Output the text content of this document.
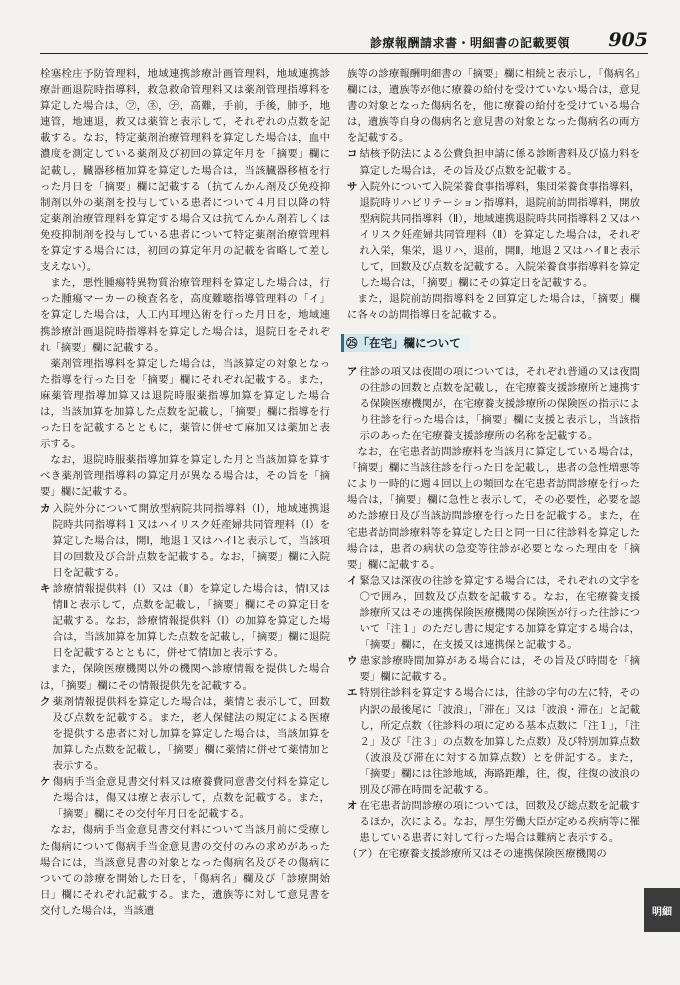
診療報酬請求書・明細書の記載要領 905

栓塞栓庄予防管理料，地域連携診療計画管理料，地域連携診療計画退院時指導料，救急救命管理料又は薬剤管理指導料を算定した場合は，㋫，㋧，㋤，高難，手前，手後，肺予，地連管，地連退，救又は薬管と表示して，それぞれの点数を記載する。なお，特定薬剤治療管理料を算定した場合は，血中濃度を測定している薬剤及び初回の算定年月を「摘要」欄に記載し，臓器移植加算を算定した場合は，当該臓器移植を行った月日を「摘要」欄に記載する（抗てんかん剤及び免疫抑制剤以外の薬剤を投与している患者について４月目以降の特定薬剤治療管理料を算定する場合又は抗てんかん剤若しくは免疫抑制剤を投与している患者について特定薬剤治療管理料を算定する場合には，初回の算定年月の記載を省略して差し支えない）。

また，悪性腫瘍特異物質治療管理料を算定した場合は，行った腫瘍マーカーの検査名を，高度難聴指導管理料の「イ」を算定した場合は，人工内耳埋込術を行った月日を，地域連携診療計画退院時指導料を算定した場合は，退院日をそれぞれ「摘要」欄に記載する。

薬剤管理指導料を算定した場合は，当該算定の対象となった指導を行った日を「摘要」欄にそれぞれ記載する。また，麻薬管理指導加算又は退院時服薬指導加算を算定した場合は，当該加算を加算した点数を記載し，「摘要」欄に指導を行った日を記載するとともに，薬管に併せて麻加又は薬加と表示する。

なお，退院時服薬指導加算を算定した月と当該加算を算すべき薬剤管理指導料の算定月が異なる場合は，その旨を「摘要」欄に記載する。

カ 入院外分について開放型病院共同指導料（Ⅰ），地域連携退院時共同指導料１又はハイリスク妊産婦共同管理料（Ⅰ）を算定した場合は，開Ⅰ，地退１又はハイⅠと表示して，当該項目の回数及び合計点数を記載する。なお，「摘要」欄に入院日を記載する。

キ 診療情報提供料（Ⅰ）又は（Ⅱ）を算定した場合は，情Ⅰ又は情Ⅱと表示して，点数を記載し，「摘要」欄にその算定日を記載する。なお，診療情報提供料（Ⅰ）の加算を算定した場合は，当該加算を加算した点数を記載し，「摘要」欄に退院日を記載するとともに，併せて情Ⅰ加と表示する。

また，保険医療機関以外の機関へ診療情報を提供した場合は，「摘要」欄にその情報提供先を記載する。

ク 薬剤情報提供料を算定した場合は，薬情と表示して，回数及び点数を記載する。また，老人保健法の規定による医療を提供する患者に対し加算を算定した場合は，当該加算を加算した点数を記載し，「摘要」欄に薬情に併せて薬情加と表示する。

ケ 傷病手当金意見書交付料又は療養費同意書交付料を算定した場合は，傷又は療と表示して，点数を記載する。また，「摘要」欄にその交付年月日を記載する。

なお，傷病手当金意見書交付料について当該月前に受療した傷病について傷病手当金意見書の交付のみの求めがあった場合には，当該意見書の対象となった傷病名及びその傷病についての診療を開始した日を，「傷病名」欄及び「診療開始日」欄にそれぞれ記載する。また，遺族等に対して意見書を交付した場合は，当該遺

族等の診療報酬明細書の「摘要」欄に相続と表示し，「傷病名」欄には，遺族等が他に療養の給付を受けていない場合は，意見書の対象となった傷病名を，他に療養の給付を受けている場合は，遺族等自身の傷病名と意見書の対象となった傷病名の両方を記載する。

コ 結核予防法による公費負担申請に係る診断書料及び協力料を算定した場合は，その旨及び点数を記載する。

サ 入院外について入院栄養食事指導料，集団栄養食事指導料，退院時リハビリテーション指導料，退院前訪問指導料，開放型病院共同指導料（Ⅱ），地域連携退院時共同指導料２又はハイリスク妊産婦共同管理料（Ⅱ）を算定した場合は，それぞれ入栄，集栄，退リハ，退前，開Ⅱ，地退２又はハイⅡと表示して，回数及び点数を記載する。入院栄養食事指導料を算定した場合は，「摘要」欄にその算定日を記載する。

また，退院前訪問指導料を２回算定した場合は，「摘要」欄に各々の訪問指導日を記載する。

㉕「在宅」欄について

ア 往診の項又は夜間の項については，それぞれ普通の又は夜間の往診の回数と点数を記載し，在宅療養支援診療所と連携する保険医療機関が，在宅療養支援診療所の保険医の指示により往診を行った場合は，「摘要」欄に支援と表示し，当該指示のあった在宅療養支援診療所の名称を記載する。

なお，在宅患者訪問診療料を当該月に算定している場合は，「摘要」欄に当該往診を行った日を記載し，患者の急性増悪等により一時的に週４回以上の頻回な在宅患者訪問診療を行った場合は，「摘要」欄に急性と表示して，その必要性，必要を認めた診療日及び当該訪問診療を行った日を記載する。また，在宅患者訪問診療料等を算定した日と同一日に往診料を算定した場合は，患者の病状の急変等往診が必要となった理由を「摘要」欄に記載する。

イ 緊急又は深夜の往診を算定する場合には，それぞれの文字を〇で囲み，回数及び点数を記載する。なお，在宅療養支援診療所又はその連携保険医療機関の保険医が行った往診について「注１」のただし書に規定する加算を算定する場合は，「摘要」欄に，在支援又は連携保と記載する。

ウ 患家診療時間加算がある場合には，その旨及び時間を「摘要」欄に記載する。

エ 特別往診料を算定する場合には，往診の字句の左に特，その内訳の最後尾に「波浪」，「滞在」又は「波浪・滞在」と記載し，所定点数（往診料の項に定める基本点数に「注１」，「注２」及び「注３」の点数を加算した点数）及び特別加算点数（波浪及び滞在に対する加算点数）とを併記する。また，「摘要」欄には往診地域，海路距離，往，復，往復の波浪の別及び滞在時間を記載する。

オ 在宅患者訪問診療の項については，回数及び総点数を記載するほか，次による。なお，厚生労働大臣が定める疾病等に罹患している患者に対して行った場合は難病と表示する。

（ア）在宅療養支援診療所又はその連携保険医療機関の

明細
